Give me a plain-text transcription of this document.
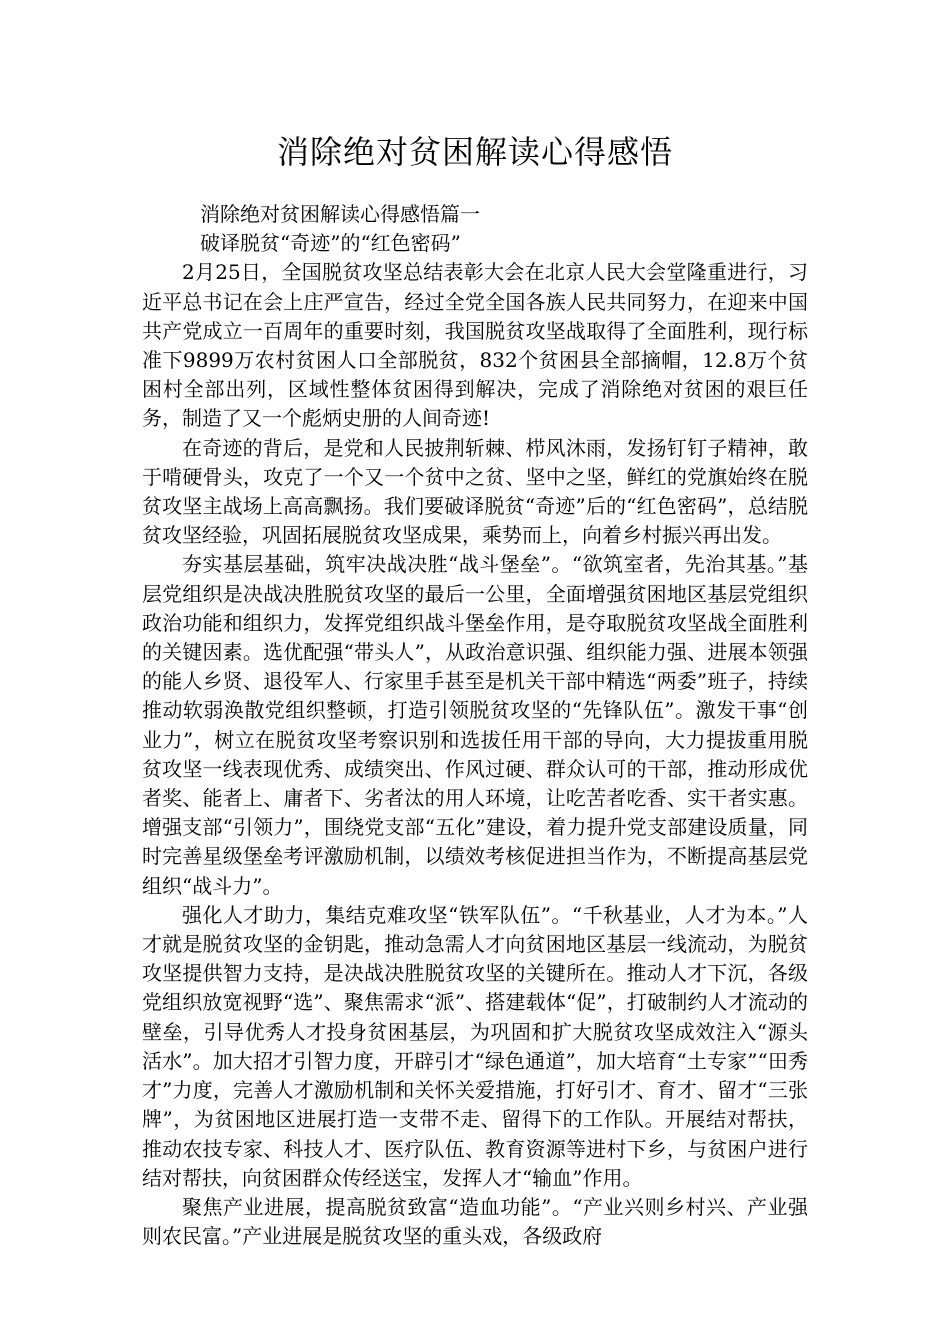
消除绝对贫困解读心得感悟

消除绝对贫困解读心得感悟篇一

破译脱贫“奇迹”的“红色密码”

2月25日，全国脱贫攻坚总结表彰大会在北京人民大会堂隆重进行，习近平总书记在会上庄严宣告，经过全党全国各族人民共同努力，在迎来中国共产党成立一百周年的重要时刻，我国脱贫攻坚战取得了全面胜利，现行标准下9899万农村贫困人口全部脱贫，832个贫困县全部摘帽，12.8万个贫困村全部出列，区域性整体贫困得到解决，完成了消除绝对贫困的艰巨任务，制造了又一个彪炳史册的人间奇迹!

在奇迹的背后，是党和人民披荆斩棘、栉风沐雨，发扬钉钉子精神，敢于啃硬骨头，攻克了一个又一个贫中之贫、坚中之坚，鲜红的党旗始终在脱贫攻坚主战场上高高飘扬。我们要破译脱贫“奇迹”后的“红色密码”，总结脱贫攻坚经验，巩固拓展脱贫攻坚成果，乘势而上，向着乡村振兴再出发。

夯实基层基础，筑牢决战决胜“战斗堡垒”。“欲筑室者，先治其基。”基层党组织是决战决胜脱贫攻坚的最后一公里，全面增强贫困地区基层党组织政治功能和组织力，发挥党组织战斗堡垒作用，是夺取脱贫攻坚战全面胜利的关键因素。选优配强“带头人”，从政治意识强、组织能力强、进展本领强的能人乡贤、退役军人、行家里手甚至是机关干部中精选“两委”班子，持续推动软弱涣散党组织整顿，打造引领脱贫攻坚的“先锋队伍”。激发干事“创业力”，树立在脱贫攻坚考察识别和选拔任用干部的导向，大力提拔重用脱贫攻坚一线表现优秀、成绩突出、作风过硬、群众认可的干部，推动形成优者奖、能者上、庸者下、劣者汰的用人环境，让吃苦者吃香、实干者实惠。增强支部“引领力”，围绕党支部“五化”建设，着力提升党支部建设质量，同时完善星级堡垒考评激励机制，以绩效考核促进担当作为，不断提高基层党组织“战斗力”。

强化人才助力，集结克难攻坚“铁军队伍”。“千秋基业，人才为本。”人才就是脱贫攻坚的金钥匙，推动急需人才向贫困地区基层一线流动，为脱贫攻坚提供智力支持，是决战决胜脱贫攻坚的关键所在。推动人才下沉，各级党组织放宽视野“选”、聚焦需求“派”、搭建载体“促”，打破制约人才流动的壁垒，引导优秀人才投身贫困基层，为巩固和扩大脱贫攻坚成效注入“源头活水”。加大招才引智力度，开辟引才“绿色通道”，加大培育“土专家”“田秀才”力度，完善人才激励机制和关怀关爱措施，打好引才、育才、留才“三张牌”，为贫困地区进展打造一支带不走、留得下的工作队。开展结对帮扶，推动农技专家、科技人才、医疗队伍、教育资源等进村下乡，与贫困户进行结对帮扶，向贫困群众传经送宝，发挥人才“输血”作用。

聚焦产业进展，提高脱贫致富“造血功能”。“产业兴则乡村兴、产业强则农民富。”产业进展是脱贫攻坚的重头戏，各级政府
